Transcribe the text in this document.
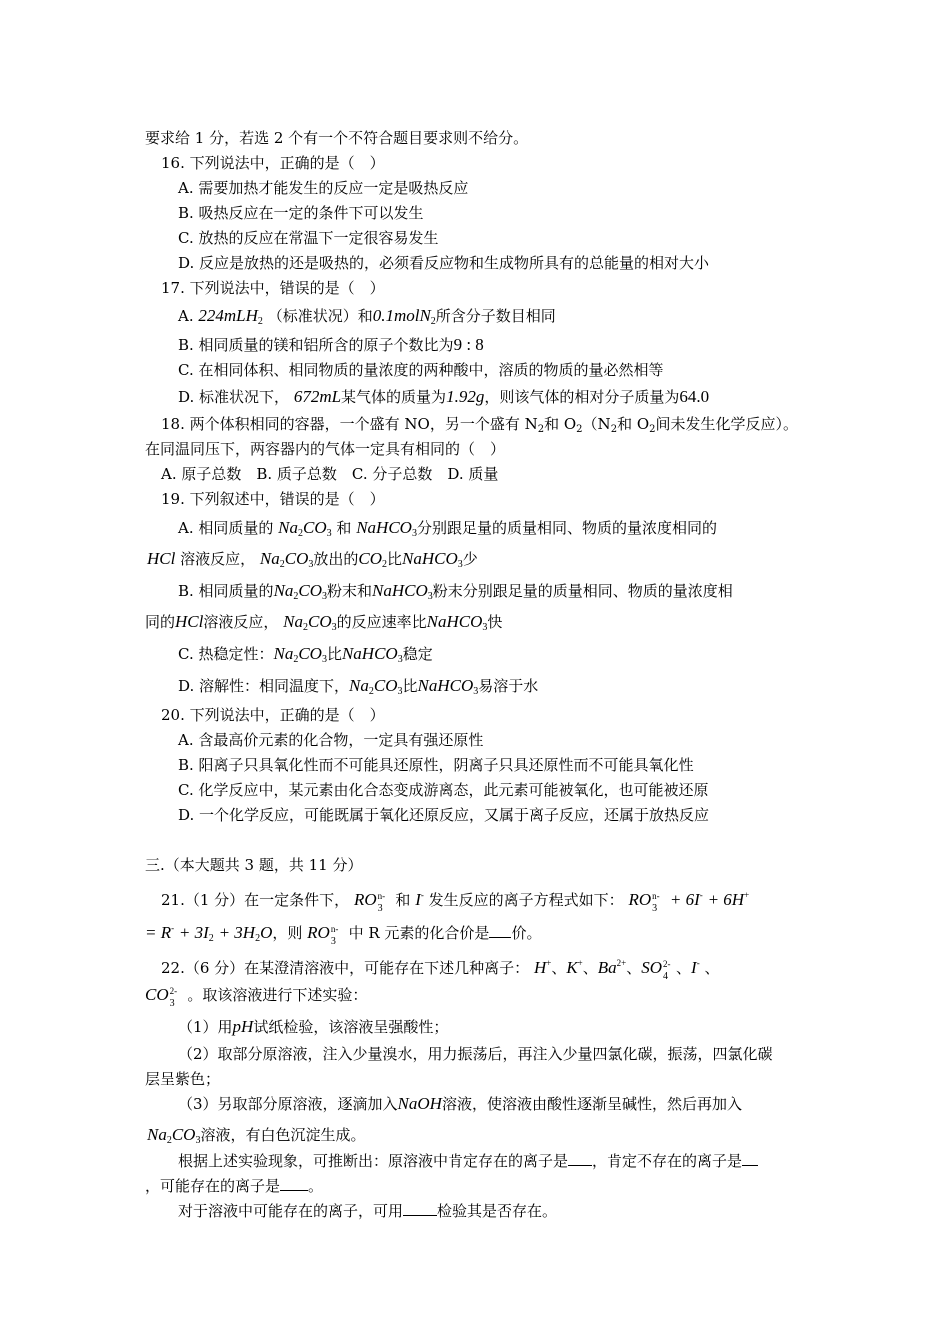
要求给 1 分，若选 2 个有一个不符合题目要求则不给分。
16. 下列说法中，正确的是（　）
A. 需要加热才能发生的反应一定是吸热反应
B. 吸热反应在一定的条件下可以发生
C. 放热的反应在常温下一定很容易发生
D. 反应是放热的还是吸热的，必须看反应物和生成物所具有的总能量的相对大小
17. 下列说法中，错误的是（　）
A. 224mLH$_2$ （标准状况）和0.1molN$_2$所含分子数目相同
B. 相同质量的镁和铝所含的原子个数比为9 : 8
C. 在相同体积、相同物质的量浓度的两种酸中，溶质的物质的量必然相等
D. 标准状况下， 672mL某气体的质量为1.92g，则该气体的相对分子质量为64.0
18. 两个体积相同的容器，一个盛有 NO，另一个盛有 $N_2$和 $O_2(N_2$和 $O_2$间未发生化学反应）。
在同温同压下，两容器内的气体一定具有相同的（　）
A. 原子总数　B. 质子总数　C. 分子总数　D. 质量
19. 下列叙述中，错误的是（　）
A. 相同质量的 $Na_2CO_3$ 和 NaHCO$_3$分别跟足量的质量相同、物质的量浓度相同的
HCl 溶液反应， $Na_2CO_3$放出的$CO_2$比NaHCO$_3$少
B. 相同质量的$Na_2CO_3$粉末和NaHCO$_3$粉末分别跟足量的质量相同、物质的量浓度相
同的HCl溶液反应， $Na_2CO_3$的反应速率比NaHCO$_3$快
C. 热稳定性：$Na_2CO_3$比NaHCO$_3$稳定
D. 溶解性：相同温度下，$Na_2CO_3$比NaHCO$_3$易溶于水
20. 下列说法中，正确的是（　）
A. 含最高价元素的化合物，一定具有强还原性
B. 阳离子只具氧化性而不可能具还原性，阴离子只具还原性而不可能具氧化性
C. 化学反应中，某元素由化合态变成游离态，此元素可能被氧化，也可能被还原
D. 一个化学反应，可能既属于氧化还原反应，又属于离子反应，还属于放热反应
三.（本大题共 3 题，共 11 分）
21.（1 分）在一定条件下， RO n-
3 和 I- 发生反应的离子方程式如下： RO n-
3 + 6I- + 6H+
= $R^- + 3I_2 + 3H_2O$，则 RO n-
3 中 R 元素的化合价是 价。
22.（6 分）在某澄清溶液中，可能存在下述几种离子： H+、K+、$Ba^{2+}$、SO 2-
4 、I- 、
CO 2-
3 。取该溶液进行下述实验：
（1）用pH试纸检验，该溶液呈强酸性；
（2）取部分原溶液，注入少量溴水，用力振荡后，再注入少量四氯化碳，振荡，四氯化碳
层呈紫色；
（3）另取部分原溶液，逐滴加入NaOH溶液，使溶液由酸性逐渐呈碱性，然后再加入
$Na_2CO_3$溶液，有白色沉淀生成。
根据上述实验现象，可推断出：原溶液中肯定存在的离子是 ，肯定不存在的离子是
，可能存在的离子是 。
对于溶液中可能存在的离子，可用 检验其是否存在。
